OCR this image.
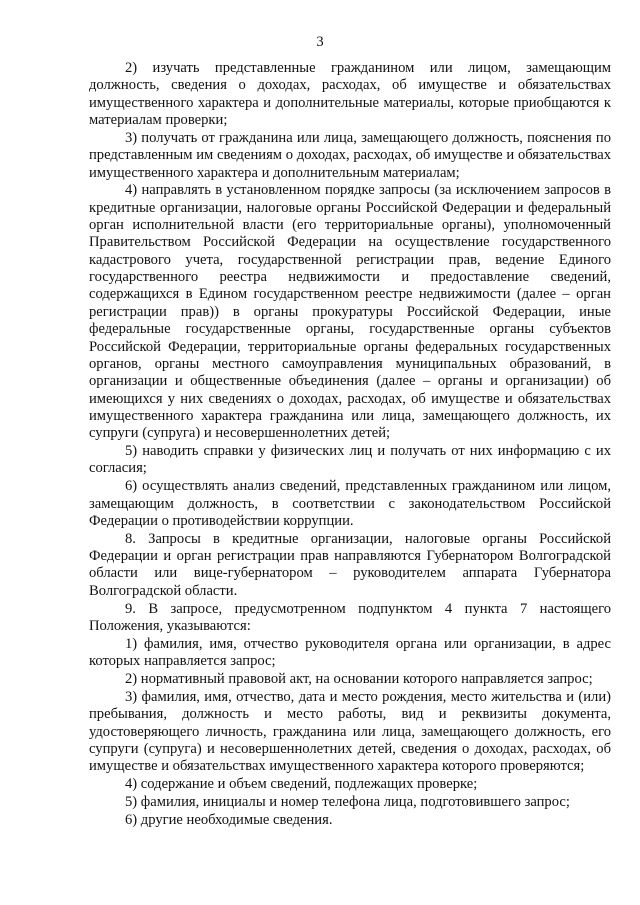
3

2) изучать представленные гражданином или лицом, замещающим должность, сведения о доходах, расходах, об имуществе и обязательствах имущественного характера и дополнительные материалы, которые приобщаются к материалам проверки;

3) получать от гражданина или лица, замещающего должность, пояснения по представленным им сведениям о доходах, расходах, об имуществе и обязательствах имущественного характера и дополнительным материалам;

4) направлять в установленном порядке запросы (за исключением запросов в кредитные организации, налоговые органы Российской Федерации и федеральный орган исполнительной власти (его территориальные органы), уполномоченный Правительством Российской Федерации на осуществление государственного кадастрового учета, государственной регистрации прав, ведение Единого государственного реестра недвижимости и предоставление сведений, содержащихся в Едином государственном реестре недвижимости (далее – орган регистрации прав)) в органы прокуратуры Российской Федерации, иные федеральные государственные органы, государственные органы субъектов Российской Федерации, территориальные органы федеральных государственных органов, органы местного самоуправления муниципальных образований, в организации и общественные объединения (далее – органы и организации) об имеющихся у них сведениях о доходах, расходах, об имуществе и обязательствах имущественного характера гражданина или лица, замещающего должность, их супруги (супруга) и несовершеннолетних детей;

5) наводить справки у физических лиц и получать от них информацию с их согласия;

6) осуществлять анализ сведений, представленных гражданином или лицом, замещающим должность, в соответствии с законодательством Российской Федерации о противодействии коррупции.

8. Запросы в кредитные организации, налоговые органы Российской Федерации и орган регистрации прав направляются Губернатором Волгоградской области или вице-губернатором – руководителем аппарата Губернатора Волгоградской области.

9. В запросе, предусмотренном подпунктом 4 пункта 7 настоящего Положения, указываются:

1) фамилия, имя, отчество руководителя органа или организации, в адрес которых направляется запрос;

2) нормативный правовой акт, на основании которого направляется запрос;

3) фамилия, имя, отчество, дата и место рождения, место жительства и (или) пребывания, должность и место работы, вид и реквизиты документа, удостоверяющего личность, гражданина или лица, замещающего должность, его супруги (супруга) и несовершеннолетних детей, сведения о доходах, расходах, об имуществе и обязательствах имущественного характера которого проверяются;

4) содержание и объем сведений, подлежащих проверке;

5) фамилия, инициалы и номер телефона лица, подготовившего запрос;

6) другие необходимые сведения.
